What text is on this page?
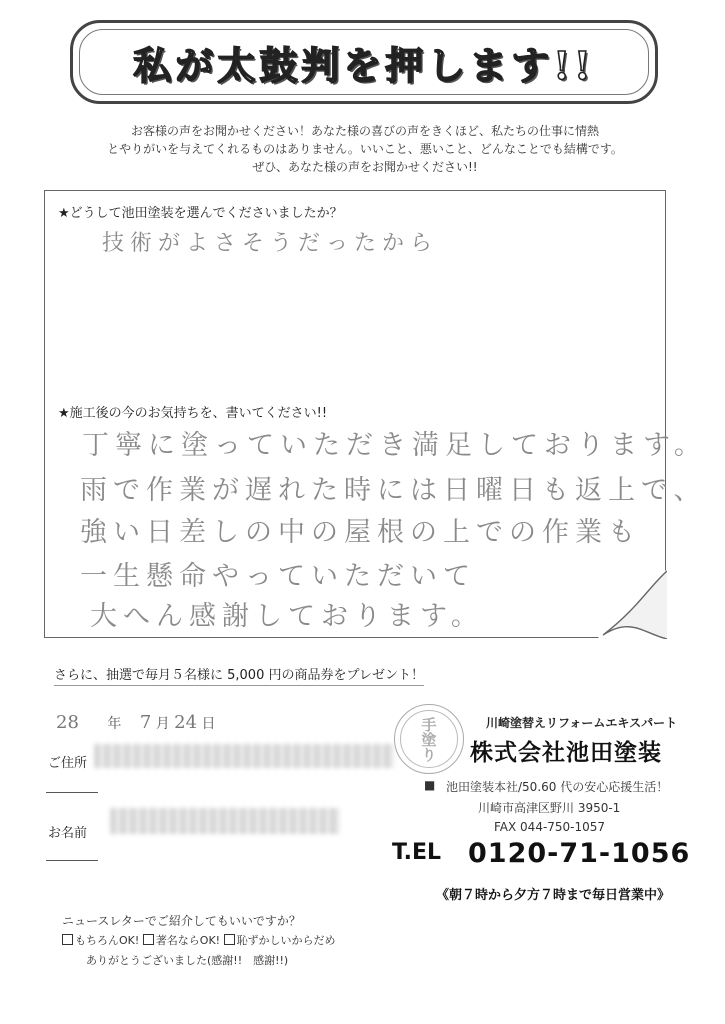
私が太鼓判を押します!!
お客様の声をお聞かせください！あなた様の喜びの声をきくほど、私たちの仕事に情熱
とやりがいを与えてくれるものはありません。いいこと、悪いこと、どんなことでも結構です。
ぜひ、あなた様の声をお聞かせください!!
★どうして池田塗装を選んでくださいましたか？
技術がよさそうだったから
★施工後の今のお気持ちを、書いてください!!
丁寧に塗っていただき満足しております。
雨で作業が遅れた時には日曜日も返上で、
強い日差しの中の屋根の上での作業も
一生懸命やっていただいて
大へん感謝しております。
さらに、抽選で毎月５名様に 5,000 円の商品券をプレゼント！
28 年 7 月 24 日
ご住所
お名前
手塗り	川崎塗替えリフォームエキスパート
株式会社池田塗装
■ 池田塗装本社/50.60 代の安心応援生活！
川崎市高津区野川 3950-1
FAX 044-750-1057
T.EL 0120-71-1056
《朝７時から夕方７時まで毎日営業中》
ニュースレターでご紹介してもいいですか？
もちろんOK! 著名ならOK! 恥ずかしいからだめ
ありがとうございました(感謝!!　感謝!!)
